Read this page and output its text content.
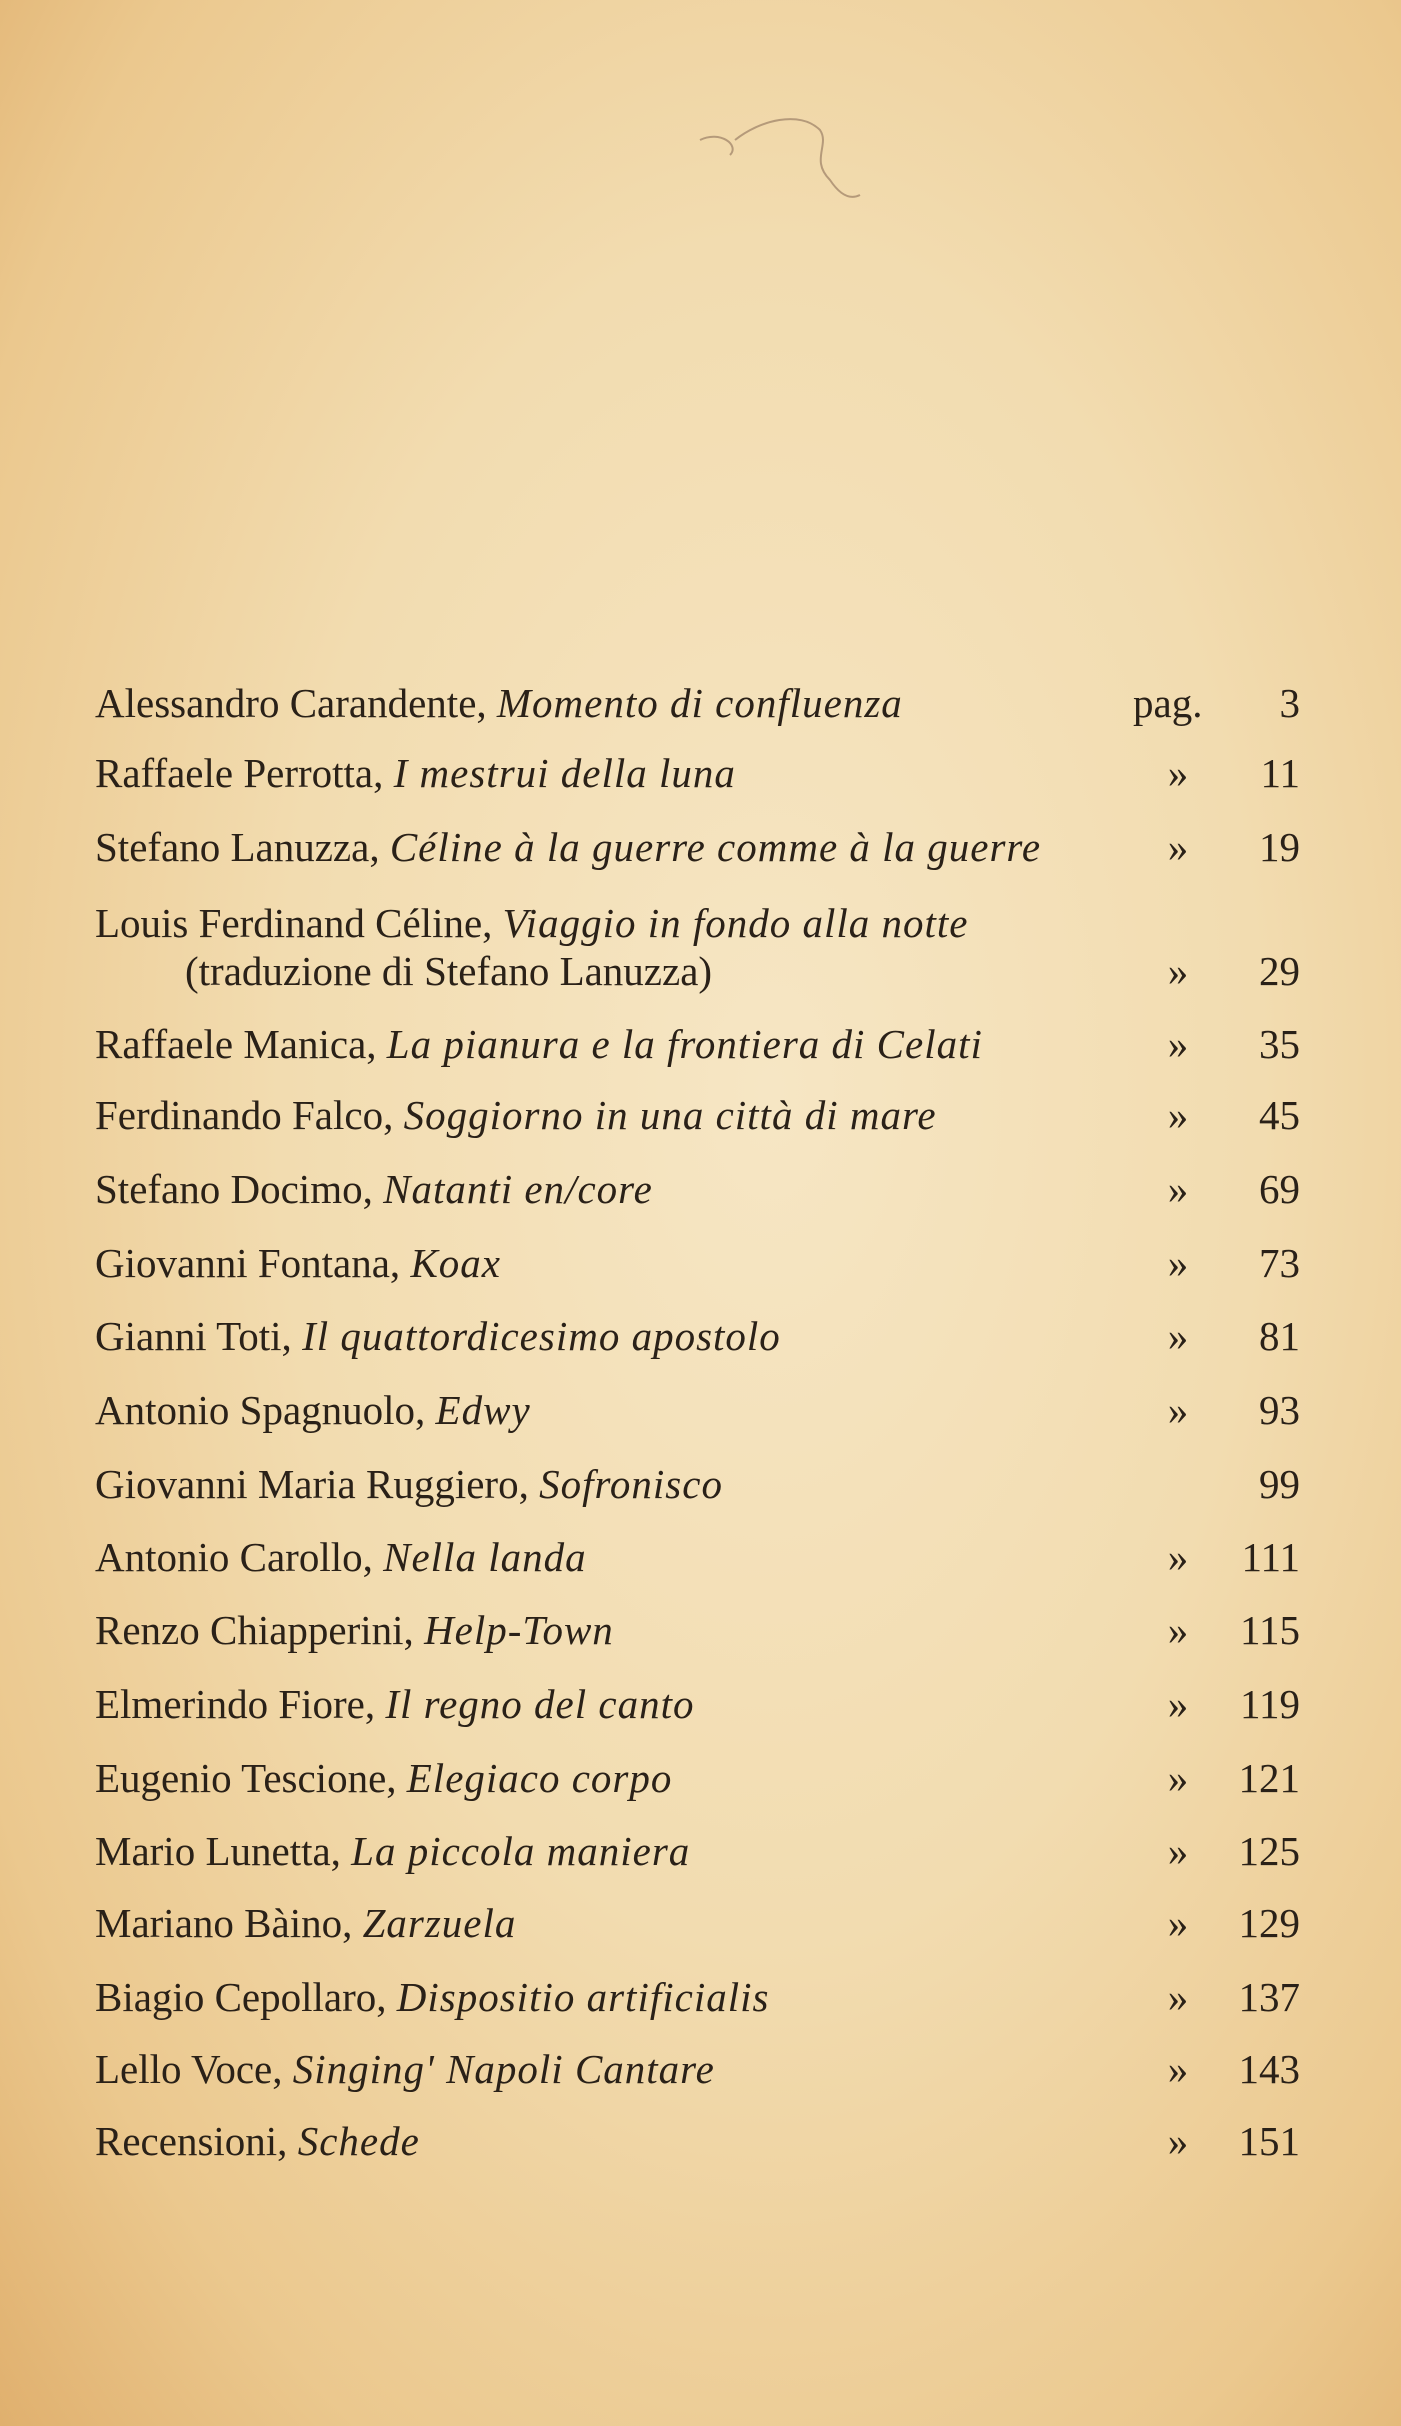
Alessandro Carandente, Momento di confluenza	pag. 3
Raffaele Perrotta, I mestrui della luna	» 11
Stefano Lanuzza, Céline à la guerre comme à la guerre	» 19
Louis Ferdinand Céline, Viaggio in fondo alla notte
(traduzione di Stefano Lanuzza)	» 29
Raffaele Manica, La pianura e la frontiera di Celati	» 35
Ferdinando Falco, Soggiorno in una città di mare	» 45
Stefano Docimo, Natanti en/core	» 69
Giovanni Fontana, Koax	» 73
Gianni Toti, Il quattordicesimo apostolo	» 81
Antonio Spagnuolo, Edwy	» 93
Giovanni Maria Ruggiero, Sofronisco	99
Antonio Carollo, Nella landa	» 111
Renzo Chiapperini, Help-Town	» 115
Elmerindo Fiore, Il regno del canto	» 119
Eugenio Tescione, Elegiaco corpo	» 121
Mario Lunetta, La piccola maniera	» 125
Mariano Bàino, Zarzuela	» 129
Biagio Cepollaro, Dispositio artificialis	» 137
Lello Voce, Singing' Napoli Cantare	» 143
Recensioni, Schede	» 151
